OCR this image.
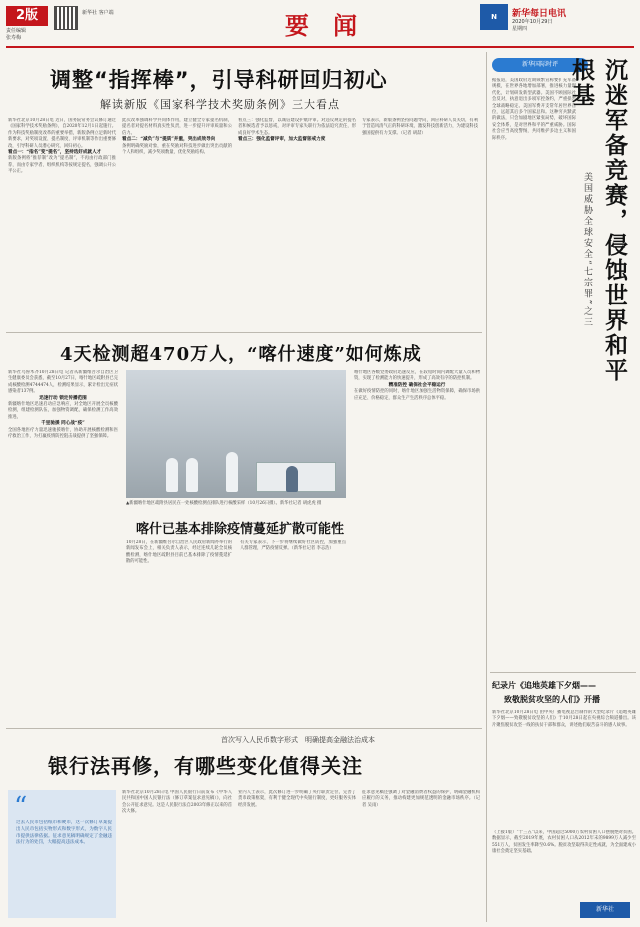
2版
责任编辑
张寿梅
新华社 客户端	要 闻	N	新华每日电讯
2020年10月29日
星期四
调整“指挥棒”，引导科研回归初心
解读新版《国家科学技术奖励条例》三大看点

新华社北京10月28日电 近日，国务院常务会议修订通过《国家科学技术奖励条例》，自2020年12月1日起施行。作为科技奖励制度改革的重要举措，新版条例立足新时代新要求，对奖项设置、提名制度、评审机制等作出重要修改，引导科研人员潜心研究、回归初心。

看点一：“指名”变“提名”，坚持选好成就人才

新版条例将“推荐制”改为“提名制”，不再由行政部门推荐，而由专家学者、组织机构等按规定提名，强调公开公平公正。

此次改革强调科学共同体作用，建立健全专家提名机制，提名者对提名材料真实性负责，进一步提升评审质量和公信力。

看点二：“减负”与“提质”并重，突出成效导向

条例明确奖励对象，重在奖励对科技进步做出突出贡献的个人和组织，减少奖项数量，优化奖励结构。

看点三：强化监督，以诚信建设护航评审。对违反规定的提名者和候选者予以惩戒，对评审专家失职行为依法追究责任，形成良好学术生态。

看点三：强化监督评审，加大监督惩戒力度

专家表示，新版条例坚持问题导向，回应科研人员关切，有利于营造风清气正的科研环境，激发科技创新活力，为建设科技强国提供有力支撑。（记者 胡喆）

新华国际时评	沉迷军备竞赛，侵蚀世界和平根基
美国威胁全球安全“七宗罪”之三
据报道，美国政府近期频繁宣称要扩充军备规模，在世界各地增加部署，推进核力量现代化，计划研发新型武器。美国不顾国际社会反对，执意退出多项军控条约，严重损害全球战略稳定。美国军费开支常年居世界首位，远超其后多个国家总和。这种穷兵黩武的做法，只会加剧地区紧张局势，破坏国际安全体系，是对世界和平的严重威胁。国际社会应当高度警惕，共同维护多边主义和国际秩序。
纪录片《追地英雄下夕烟——
致敬脱贫攻坚的人们》开播
新华社北京10月28日电 由中央广播电视总台制作的大型纪录片《追地英雄下夕烟——致敬脱贫攻坚的人们》于10月28日起在央视综合频道播出。该片聚焦脱贫攻坚一线的扶贫干部和群众，讲述他们艰苦奋斗的感人故事。
（上接1版）“十三五”以来，中国超过5000万农村贫困人口摆脱绝对贫困。数据显示，截至2019年底，农村贫困人口从2012年末的9899万人减少至551万人，贫困发生率降至0.6%。脱贫攻坚取得决定性成就，为全面建成小康社会奠定坚实基础。
新华社
4天检测超470万人，“喀什速度”如何炼成

新华社乌鲁木齐10月28日电 记者从新疆维吾尔自治区卫生健康委员会获悉，截至10月27日，喀什地区疏附县已完成核酸检测4744474人，检测结果显示，累计检出无症状感染者137例。

迅速行动 锁定传播范围

新疆喀什地区迅速启动应急响应，对全地区开展全员核酸检测，组建检测队伍，加强物资调配，确保检测工作高效推进。

千里驰援 同心战“疫”

全国各地医疗力量迅速驰援喀什，协助开展核酸检测和医疗救治工作，为打赢疫情防控阻击战提供了坚强保障。

▲新疆喀什地区疏附县居民在一处核酸检测点排队进行核酸采样（10月26日摄）。新华社记者 胡虎虎 摄

喀什地区各级党委政府迅速反应，在较短时间内调配大量人员和物资，实现了检测能力的快速提升，形成了高效有序的防控机制。

精准防控 确保社会平稳运行

在做好疫情防控的同时，喀什地区加强生活物资保障，确保市场供应充足、价格稳定，群众生产生活秩序总体平稳。

喀什已基本排除疫情蔓延扩散可能性
10月28日，在新疆维吾尔自治区人民政府新闻办举行的新闻发布会上，相关负责人表示，经过连续几轮全员核酸检测，喀什地区疏附县目前已基本排除了疫情蔓延扩散的可能性。
有关专家表示，下一步将继续做好社区防控，加强重点人群管理，严防疫情反弹。（新华社记者 李志浩）
首次写入人民币数字形式　明确提高金融法治成本
银行法再修，有哪些变化值得关注
“
过去人民币包括纸币和硬币，这一次修订草案提出人民币包括实物形式和数字形式，为数字人民币提供法律依据。征求意见稿明确规定了金融违法行为的处罚，大幅提高违法成本。
新华社北京10月28日电 中国人民银行日前发布《中华人民共和国中国人民银行法（修订草案征求意见稿）》，向社会公开征求意见。这是人民银行法自2003年修正以来的首次大修。
业内人士表示，此次修订进一步明确了央行职责定位，完善了货币政策框架，有利于健全现代中央银行制度，更好服务实体经济发展。
征求意见稿还强调了对金融消费者权益的保护，明确金融机构应履行的义务，推动构建更加规范透明的金融市场秩序。（记者 吴雨）
